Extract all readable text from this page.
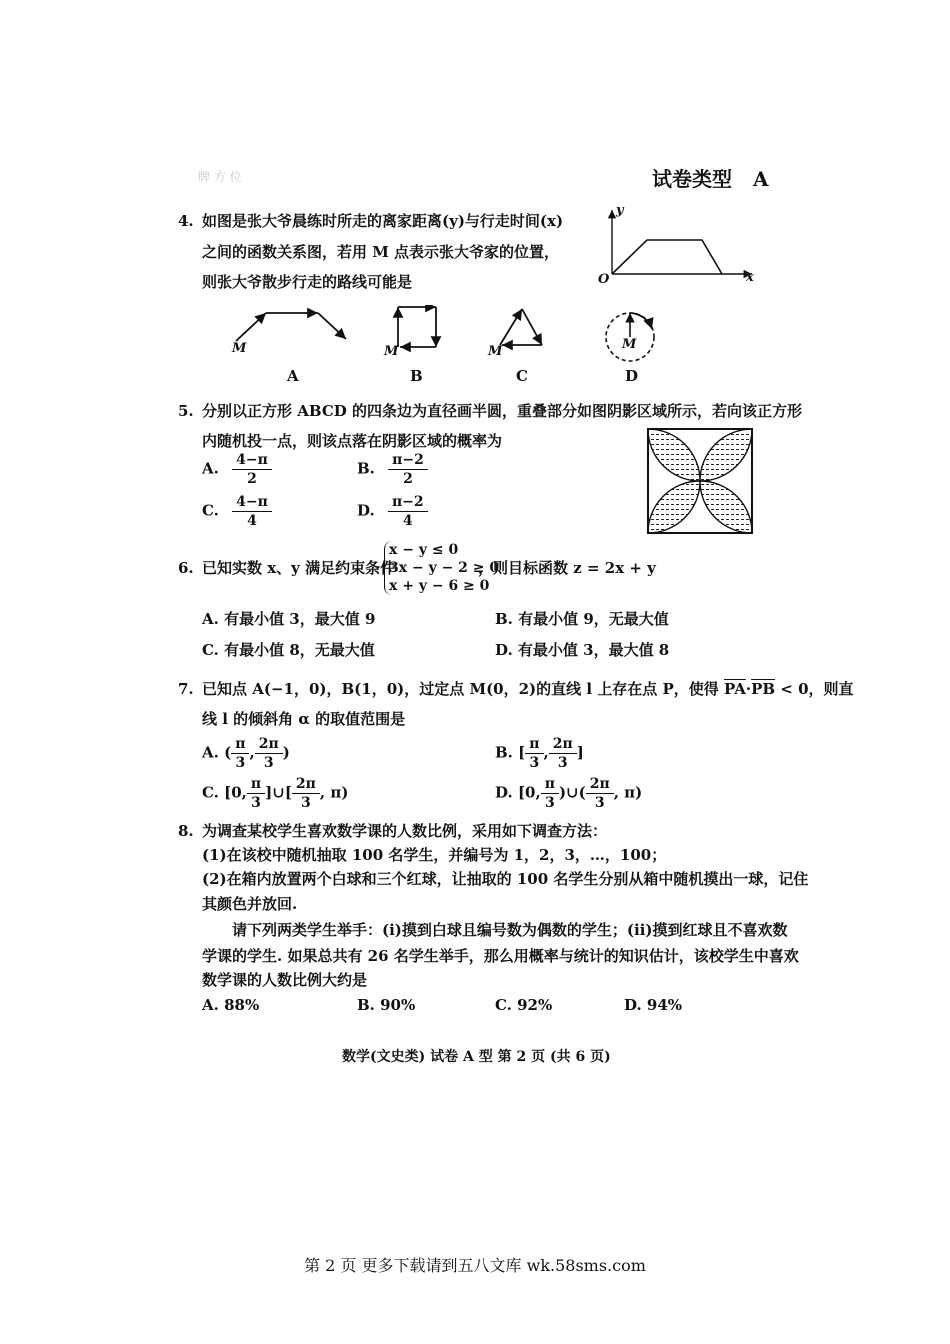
牌 方 位	试卷类型 A
4. 如图是张大爷晨练时所走的离家距离(y)与行走时间(x)
之间的函数关系图，若用 M 点表示张大爷家的位置，
则张大爷散步行走的路线可能是
y
x
O
M	M	M	M
A	B	C	D
5. 分别以正方形 ABCD 的四条边为直径画半圆，重叠部分如图阴影区域所示，若向该正方形
内随机投一点，则该点落在阴影区域的概率为
A. $\frac{4-\pi}{2}$	B. $\frac{\pi-2}{2}$
C. $\frac{4-\pi}{4}$	D. $\frac{\pi-2}{4}$
6. 已知实数 x、y 满足约束条件
x − y ≤ 0
3x − y − 2 ≥ 0
x + y − 6 ≥ 0
，则目标函数 z = 2x + y
A. 有最小值 3，最大值 9	B. 有最小值 9，无最大值
C. 有最小值 8，无最大值	D. 有最小值 3，最大值 8
7. 已知点 A(−1，0)，B(1，0)，过定点 M(0，2)的直线 l 上存在点 P，使得 $\overline{PA}\cdot\overline{PB} < 0$，则直
线 l 的倾斜角 α 的取值范围是
A. ( $\frac{\pi}{3}$ , $\frac{2\pi}{3}$ )	B. [ $\frac{\pi}{3}$ , $\frac{2\pi}{3}$ ]
C. [0, $\frac{\pi}{3}$ ]∪[ $\frac{2\pi}{3}$ , π)	D. [0, $\frac{\pi}{3}$ )∪( $\frac{2\pi}{3}$ , π)
8. 为调查某校学生喜欢数学课的人数比例，采用如下调查方法：
(1)在该校中随机抽取 100 名学生，并编号为 1，2，3，…，100；
(2)在箱内放置两个白球和三个红球，让抽取的 100 名学生分别从箱中随机摸出一球，记住
其颜色并放回.
请下列两类学生举手：(ⅰ)摸到白球且编号数为偶数的学生；(ⅱ)摸到红球且不喜欢数
学课的学生. 如果总共有 26 名学生举手，那么用概率与统计的知识估计，该校学生中喜欢
数学课的人数比例大约是
A. 88%	B. 90%	C. 92%	D. 94%
数学(文史类) 试卷 A 型 第 2 页 (共 6 页)
第 2 页 更多下载请到五八文库 wk.58sms.com
